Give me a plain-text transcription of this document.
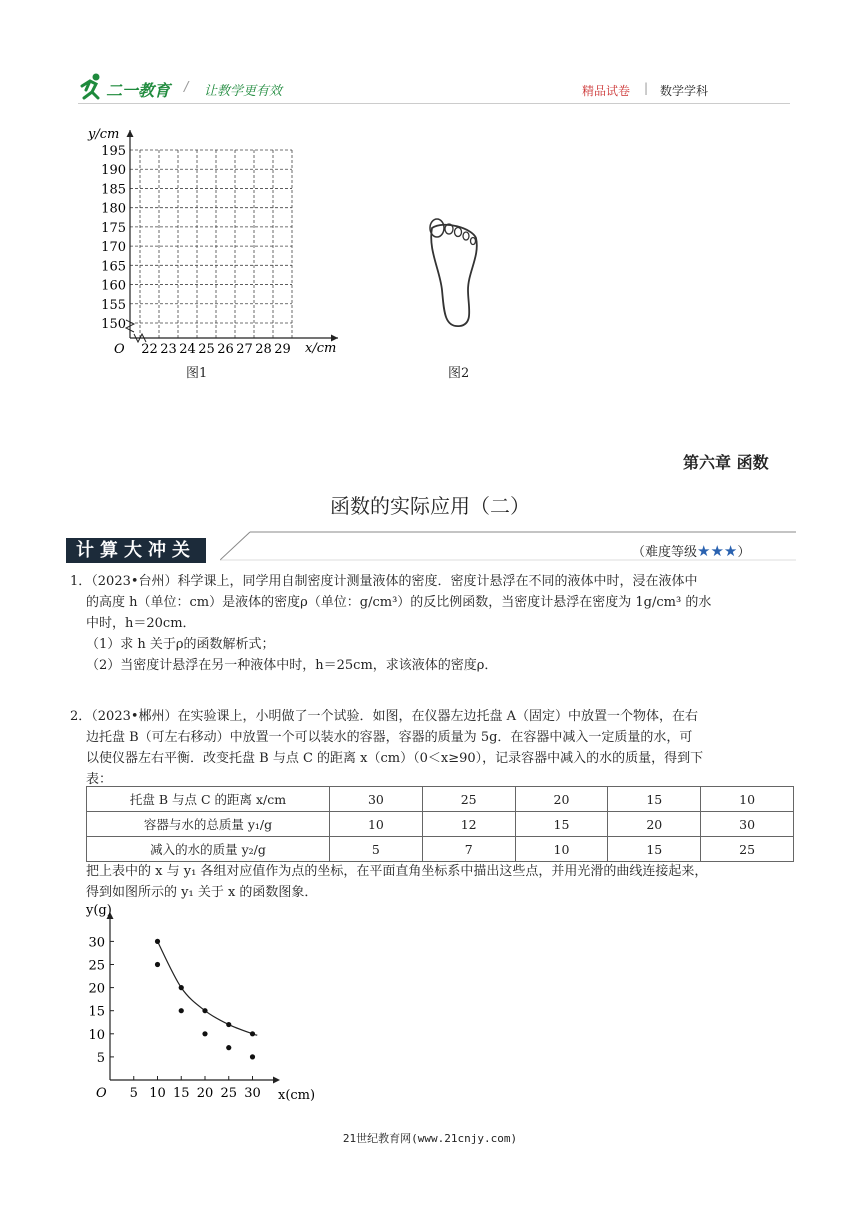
二一教育 / 让教学更有效	精品试卷 | 数学学科
y/cm
x/cm
O
150
155
160
165
170
175
180
185
190
195
22 23 24 25 26 27 28 29
图1	图2
第六章 函数
函数的实际应用（二）
计算大冲关	（难度等级★★★）
1．（2023•台州）科学课上，同学用自制密度计测量液体的密度．密度计悬浮在不同的液体中时，浸在液体中
的高度 h（单位：cm）是液体的密度ρ（单位：g/cm³）的反比例函数，当密度计悬浮在密度为 1g/cm³ 的水
中时，h＝20cm．
（1）求 h 关于ρ的函数解析式；
（2）当密度计悬浮在另一种液体中时，h＝25cm，求该液体的密度ρ．
2．（2023•郴州）在实验课上，小明做了一个试验．如图，在仪器左边托盘 A（固定）中放置一个物体，在右
边托盘 B（可左右移动）中放置一个可以装水的容器，容器的质量为 5g．在容器中减入一定质量的水，可
以使仪器左右平衡．改变托盘 B 与点 C 的距离 x（cm）（0＜x≥90），记录容器中减入的水的质量，得到下
表：
托盘 B 与点 C 的距离 x/cm	30	25	20	15	10
容器与水的总质量 y₁/g	10	12	15	20	30
减入的水的质量 y₂/g	5	7	10	15	25
把上表中的 x 与 y₁ 各组对应值作为点的坐标，在平面直角坐标系中描出这些点，并用光滑的曲线连接起来，
得到如图所示的 y₁ 关于 x 的函数图象．
y(g)
x(cm)
O 5 10 15 20 25 30
5
10
15
20
25
30
21世纪教育网(www.21cnjy.com)
